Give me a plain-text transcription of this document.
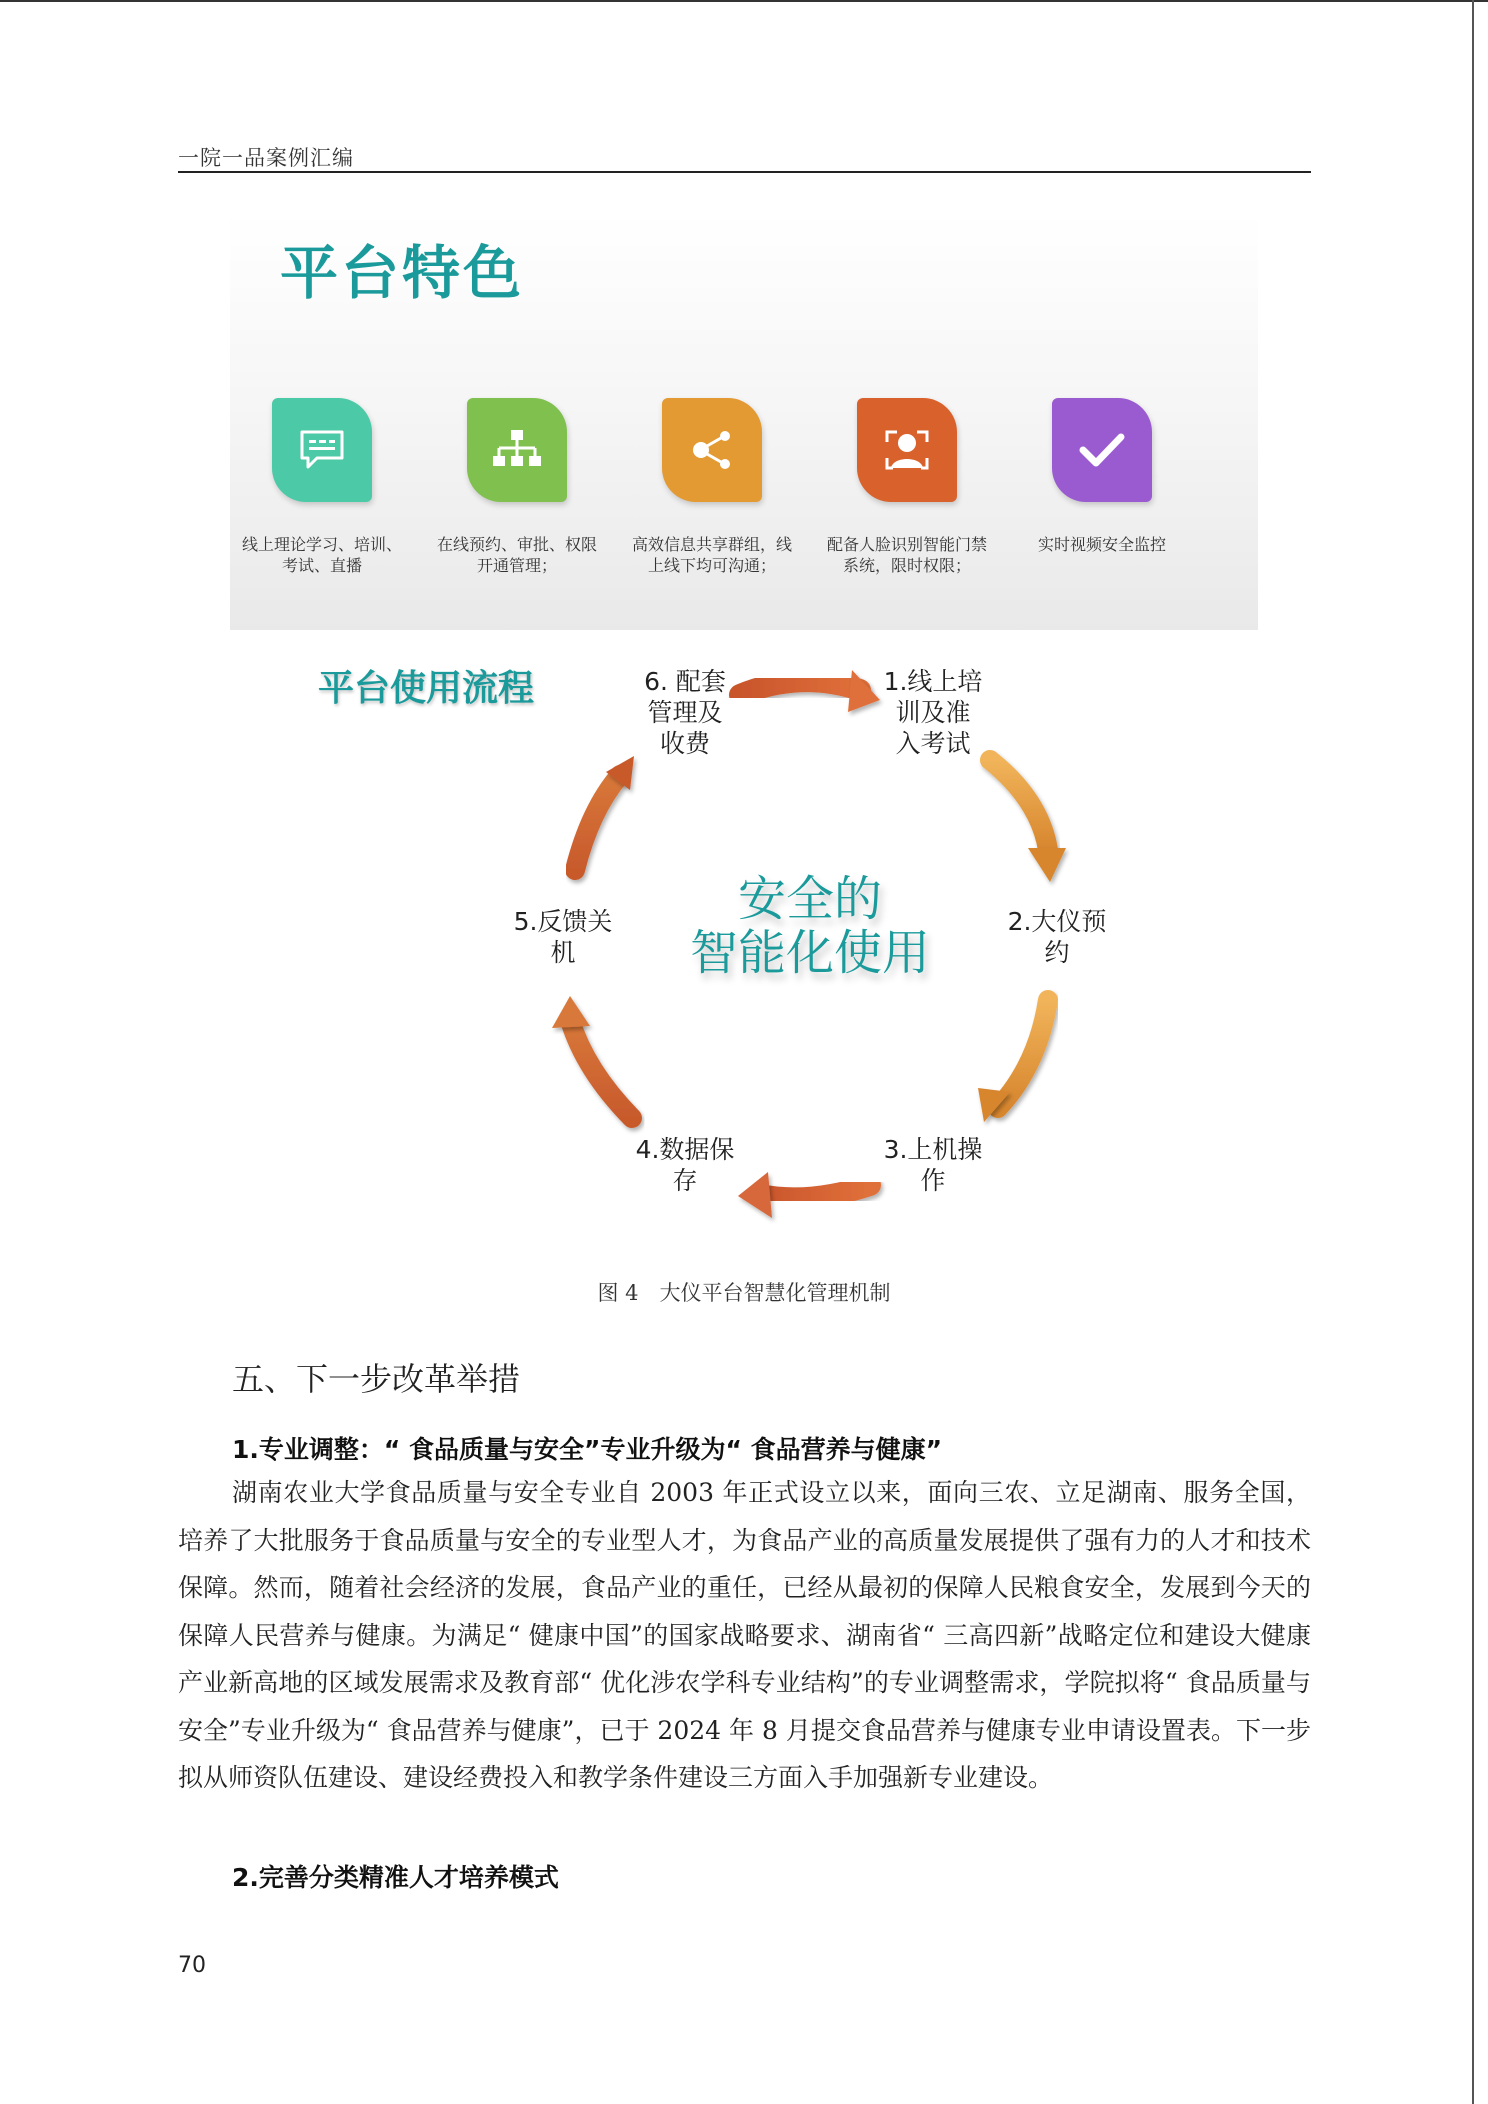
一院一品案例汇编
平台特色
线上理论学习、培训、考试、直播
在线预约、审批、权限开通管理；
高效信息共享群组，线上线下均可沟通；
配备人脸识别智能门禁系统，限时权限；
实时视频安全监控
平台使用流程	6. 配套
管理及
收费
1.线上培
训及准
入考试
2.大仪预
约
3.上机操
作
4.数据保
存
5.反馈关
机
安全的
智能化使用
图 4　大仪平台智慧化管理机制
五、下一步改革举措
1.专业调整：“ 食品质量与安全”专业升级为“ 食品营养与健康”
湖南农业大学食品质量与安全专业自 2003 年正式设立以来，面向三农、立足湖南、服务全国，培养了大批服务于食品质量与安全的专业型人才，为食品产业的高质量发展提供了强有力的人才和技术保障。然而，随着社会经济的发展，食品产业的重任，已经从最初的保障人民粮食安全，发展到今天的保障人民营养与健康。为满足“ 健康中国”的国家战略要求、湖南省“ 三高四新”战略定位和建设大健康产业新高地的区域发展需求及教育部“ 优化涉农学科专业结构”的专业调整需求，学院拟将“ 食品质量与安全”专业升级为“ 食品营养与健康”，已于 2024 年 8 月提交食品营养与健康专业申请设置表。下一步拟从师资队伍建设、建设经费投入和教学条件建设三方面入手加强新专业建设。
2.完善分类精准人才培养模式
70
